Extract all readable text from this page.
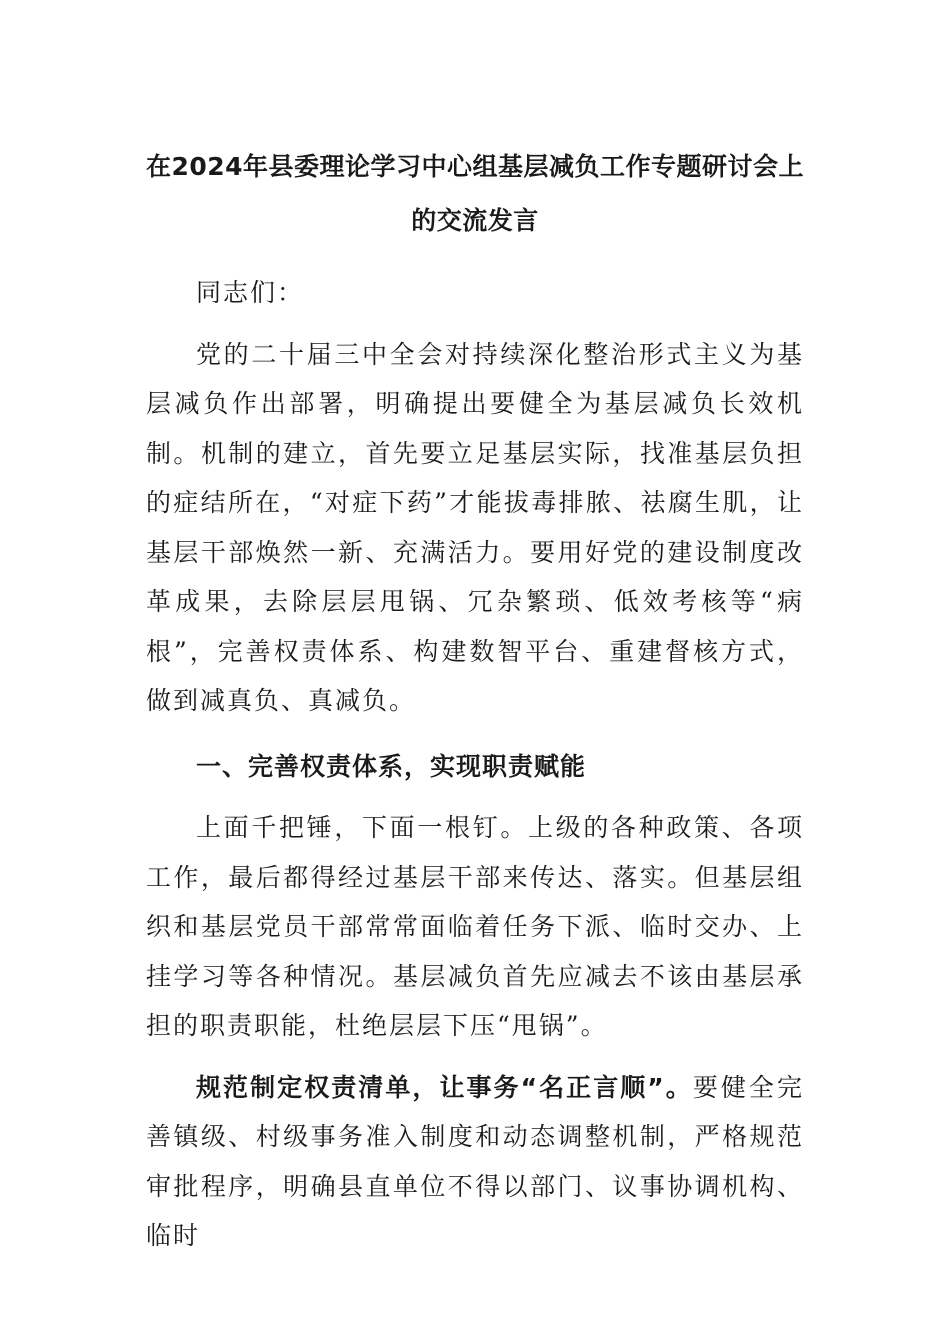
在2024年县委理论学习中心组基层减负工作专题研讨会上
的交流发言

同志们：

党的二十届三中全会对持续深化整治形式主义为基层减负作出部署，明确提出要健全为基层减负长效机制。机制的建立，首先要立足基层实际，找准基层负担的症结所在，“对症下药”才能拔毒排脓、祛腐生肌，让基层干部焕然一新、充满活力。要用好党的建设制度改革成果，去除层层甩锅、冗杂繁琐、低效考核等“病根”，完善权责体系、构建数智平台、重建督核方式，做到减真负、真减负。

一、完善权责体系，实现职责赋能

上面千把锤，下面一根钉。上级的各种政策、各项工作，最后都得经过基层干部来传达、落实。但基层组织和基层党员干部常常面临着任务下派、临时交办、上挂学习等各种情况。基层减负首先应减去不该由基层承担的职责职能，杜绝层层下压“甩锅”。

规范制定权责清单，让事务“名正言顺”。要健全完善镇级、村级事务准入制度和动态调整机制，严格规范审批程序，明确县直单位不得以部门、议事协调机构、临时
